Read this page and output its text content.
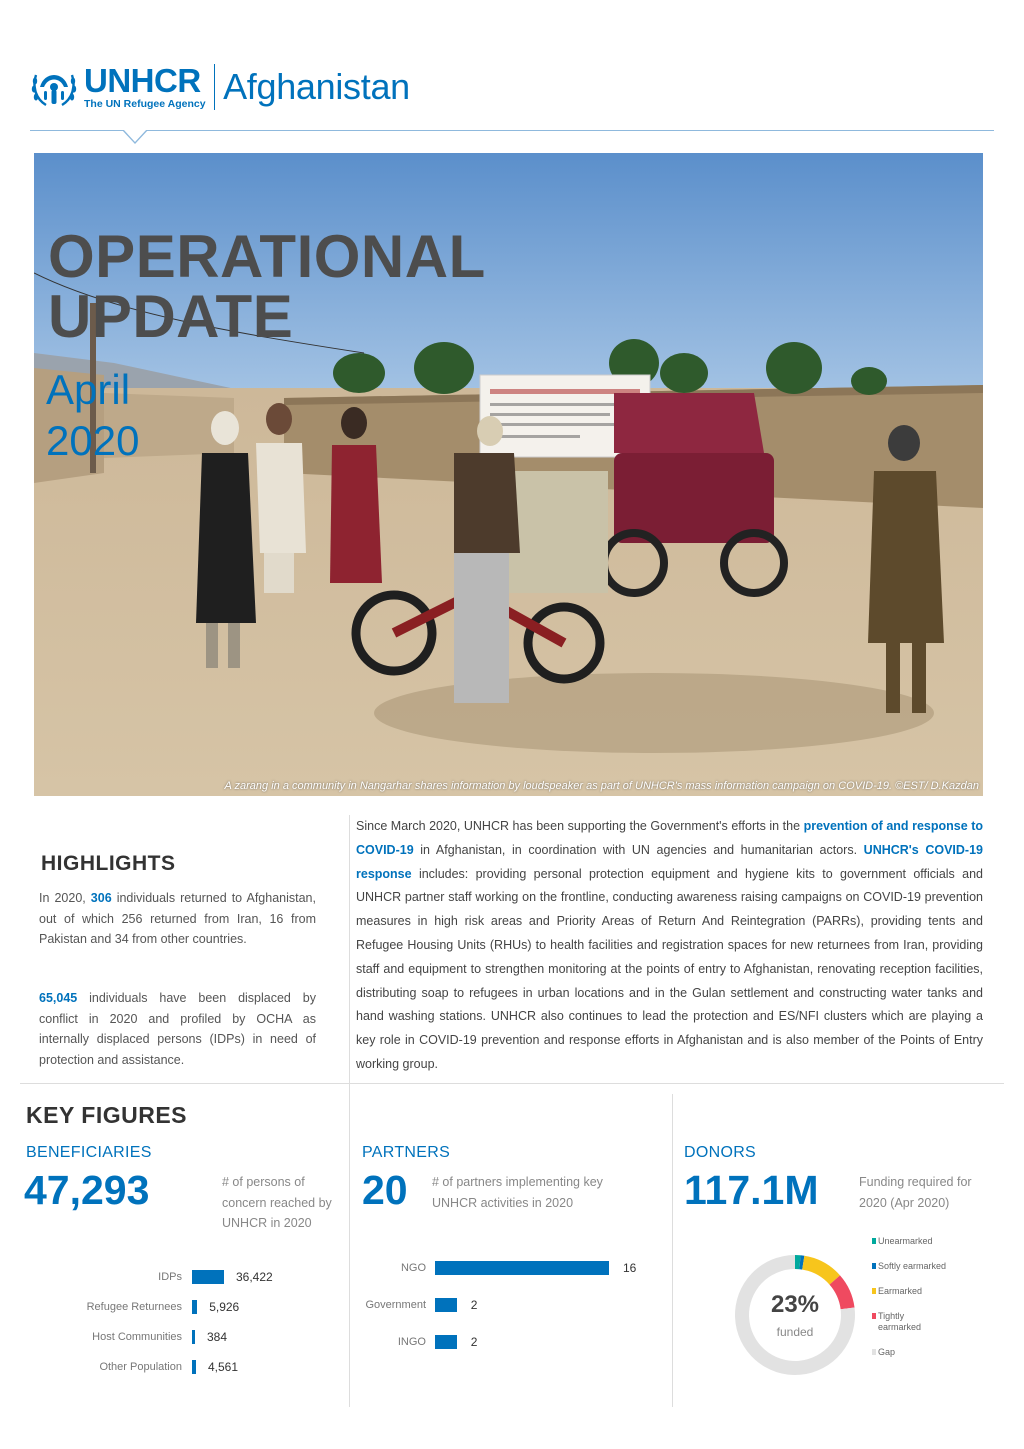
UNHCR
The UN Refugee Agency Afghanistan
OPERATIONAL
UPDATE
April
2020
A zarang in a community in Nangarhar shares information by loudspeaker as part of UNHCR's mass information campaign on COVID-19. ©EST/ D.Kazdan
HIGHLIGHTS

In 2020, 306 individuals returned to Afghanistan, out of which 256 returned from Iran, 16 from Pakistan and 34 from other countries.

65,045 individuals have been displaced by conflict in 2020 and profiled by OCHA as internally displaced persons (IDPs) in need of protection and assistance.

Since March 2020, UNHCR has been supporting the Government's efforts in the prevention of and response to COVID-19 in Afghanistan, in coordination with UN agencies and humanitarian actors. UNHCR's COVID-19 response includes: providing personal protection equipment and hygiene kits to government officials and UNHCR partner staff working on the frontline, conducting awareness raising campaigns on COVID-19 prevention measures in high risk areas and Priority Areas of Return And Reintegration (PARRs), providing tents and Refugee Housing Units (RHUs) to health facilities and registration spaces for new returnees from Iran, providing staff and equipment to strengthen monitoring at the points of entry to Afghanistan, renovating reception facilities, distributing soap to refugees in urban locations and in the Gulan settlement and constructing water tanks and hand washing stations. UNHCR also continues to lead the protection and ES/NFI clusters which are playing a key role in COVID-19 prevention and response efforts in Afghanistan and is also member of the Points of Entry working group.

KEY FIGURES
BENEFICIARIES
47,293	# of persons of concern reached by UNHCR in 2020
PARTNERS
20 # of partners implementing key UNHCR activities in 2020
DONORS
117.1M	Funding required for 2020 (Apr 2020)
23%
funded
Unearmarked
Softly earmarked
Earmarked
Tightly earmarked
Gap
IDPs	36,422
Refugee Returnees 5,926
Host Communities 384
Other Population 4,561
NGO	16
Government	2
INGO	2
